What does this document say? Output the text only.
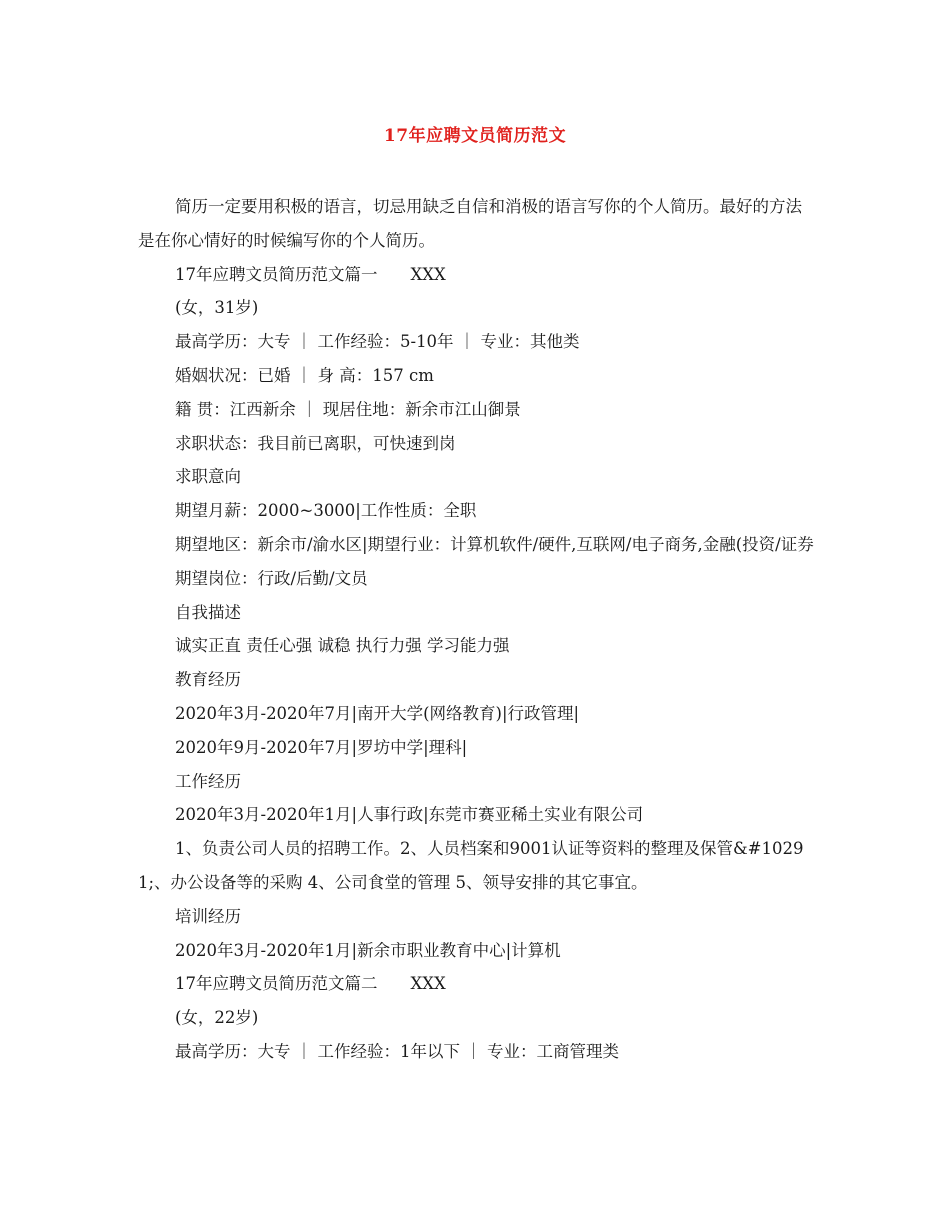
17年应聘文员简历范文

简历一定要用积极的语言，切忌用缺乏自信和消极的语言写你的个人简历。最好的方法是在你心情好的时候编写你的个人简历。

17年应聘文员简历范文篇一　　XXX

(女，31岁)

最高学历：大专 ｜ 工作经验：5-10年 ｜ 专业：其他类

婚姻状况：已婚 ｜ 身 高：157 cm

籍 贯：江西新余 ｜ 现居住地：新余市江山御景

求职状态：我目前已离职，可快速到岗

求职意向

期望月薪：2000~3000|工作性质：全职

期望地区：新余市/渝水区|期望行业：计算机软件/硬件,互联网/电子商务,金融(投资/证券

期望岗位：行政/后勤/文员

自我描述

诚实正直 责任心强 诚稳 执行力强 学习能力强

教育经历

2020年3月-2020年7月|南开大学(网络教育)|行政管理|

2020年9月-2020年7月|罗坊中学|理科|

工作经历

2020年3月-2020年1月|人事行政|东莞市赛亚稀土实业有限公司

1、负责公司人员的招聘工作。2、人员档案和9001认证等资料的整理及保管&#10291;、办公设备等的采购 4、公司食堂的管理 5、领导安排的其它事宜。

培训经历

2020年3月-2020年1月|新余市职业教育中心|计算机

17年应聘文员简历范文篇二　　XXX

(女，22岁)

最高学历：大专 ｜ 工作经验：1年以下 ｜ 专业：工商管理类
